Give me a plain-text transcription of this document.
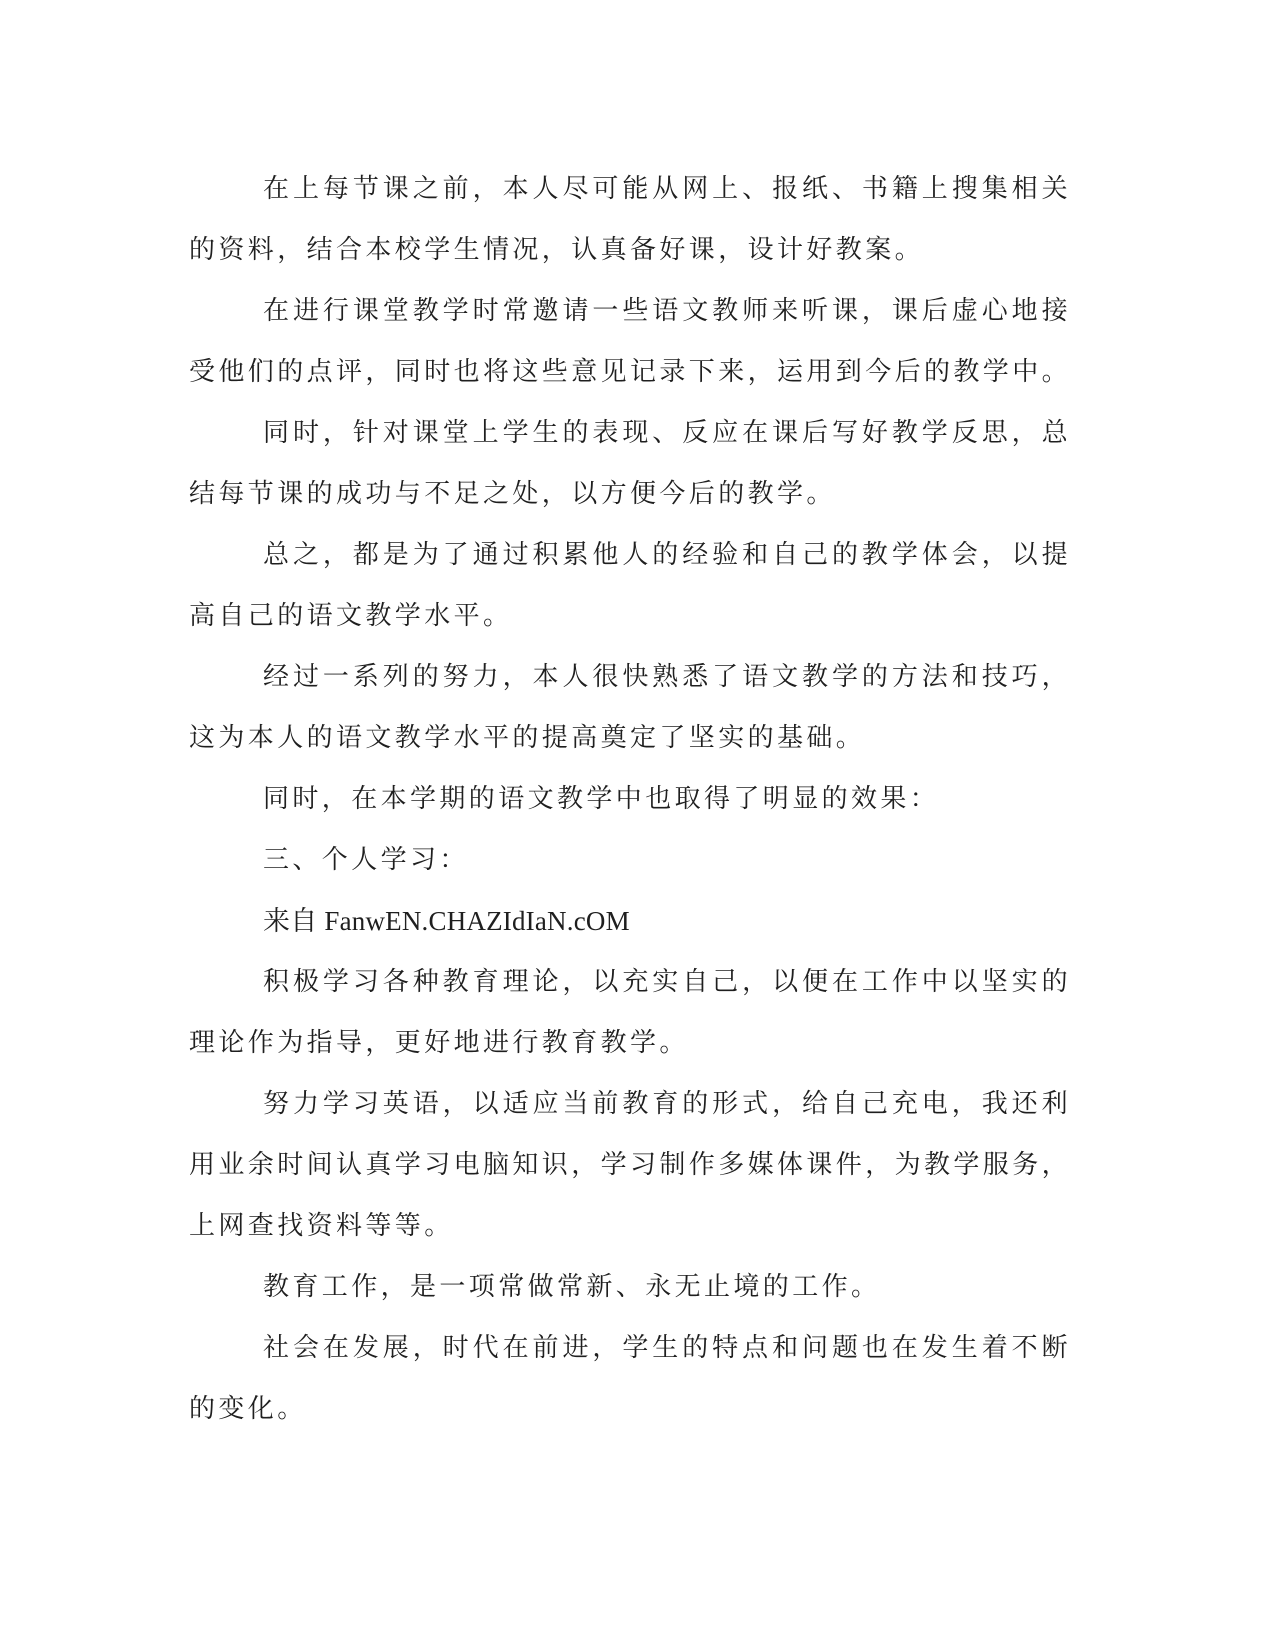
在上每节课之前，本人尽可能从网上、报纸、书籍上搜集相关的资料，结合本校学生情况，认真备好课，设计好教案。

在进行课堂教学时常邀请一些语文教师来听课，课后虚心地接受他们的点评，同时也将这些意见记录下来，运用到今后的教学中。

同时，针对课堂上学生的表现、反应在课后写好教学反思，总结每节课的成功与不足之处，以方便今后的教学。

总之，都是为了通过积累他人的经验和自己的教学体会，以提高自己的语文教学水平。

经过一系列的努力，本人很快熟悉了语文教学的方法和技巧，这为本人的语文教学水平的提高奠定了坚实的基础。

同时，在本学期的语文教学中也取得了明显的效果：

三、个人学习：

来自 FanwEN.CHAZIdIaN.cOM

积极学习各种教育理论，以充实自己，以便在工作中以坚实的理论作为指导，更好地进行教育教学。

努力学习英语，以适应当前教育的形式，给自己充电，我还利用业余时间认真学习电脑知识，学习制作多媒体课件，为教学服务，上网查找资料等等。

教育工作，是一项常做常新、永无止境的工作。

社会在发展，时代在前进，学生的特点和问题也在发生着不断的变化。
